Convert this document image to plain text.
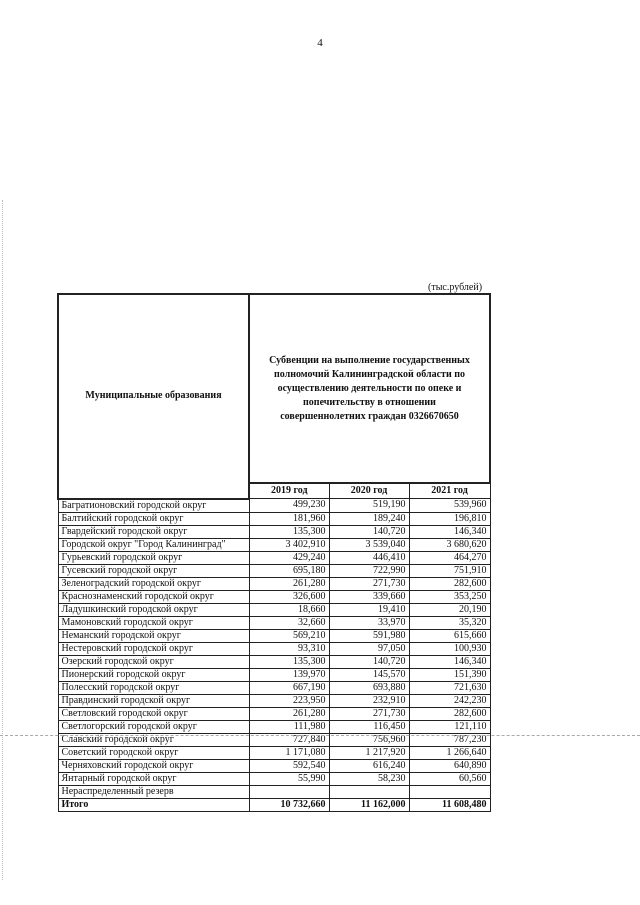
4
(тыс.рублей)
Муниципальные образования	Субвенции на выполнение государственных полномочий Калининградской области по осуществлению деятельности по опеке и попечительству в отношении совершеннолетних граждан 0326670650		
	2019 год	2020 год	2021 год
Багратионовский городской округ	499,230	519,190	539,960
Балтийский городской округ	181,960	189,240	196,810
Гвардейский городской округ	135,300	140,720	146,340
Городской округ "Город Калининград"	3 402,910	3 539,040	3 680,620
Гурьевский городской округ	429,240	446,410	464,270
Гусевский городской округ	695,180	722,990	751,910
Зеленоградский городской округ	261,280	271,730	282,600
Краснознаменский городской округ	326,600	339,660	353,250
Ладушкинский городской округ	18,660	19,410	20,190
Мамоновский городской округ	32,660	33,970	35,320
Неманский городской округ	569,210	591,980	615,660
Нестеровский городской округ	93,310	97,050	100,930
Озерский городской округ	135,300	140,720	146,340
Пионерский городской округ	139,970	145,570	151,390
Полесский городской округ	667,190	693,880	721,630
Правдинский городской округ	223,950	232,910	242,230
Светловский городской округ	261,280	271,730	282,600
Светлогорский городской округ	111,980	116,450	121,110
Славский городской округ	727,840	756,960	787,230
Советский городской округ	1 171,080	1 217,920	1 266,640
Черняховский городской округ	592,540	616,240	640,890
Янтарный городской округ	55,990	58,230	60,560
Нераспределенный резерв			
Итого	10 732,660	11 162,000	11 608,480
